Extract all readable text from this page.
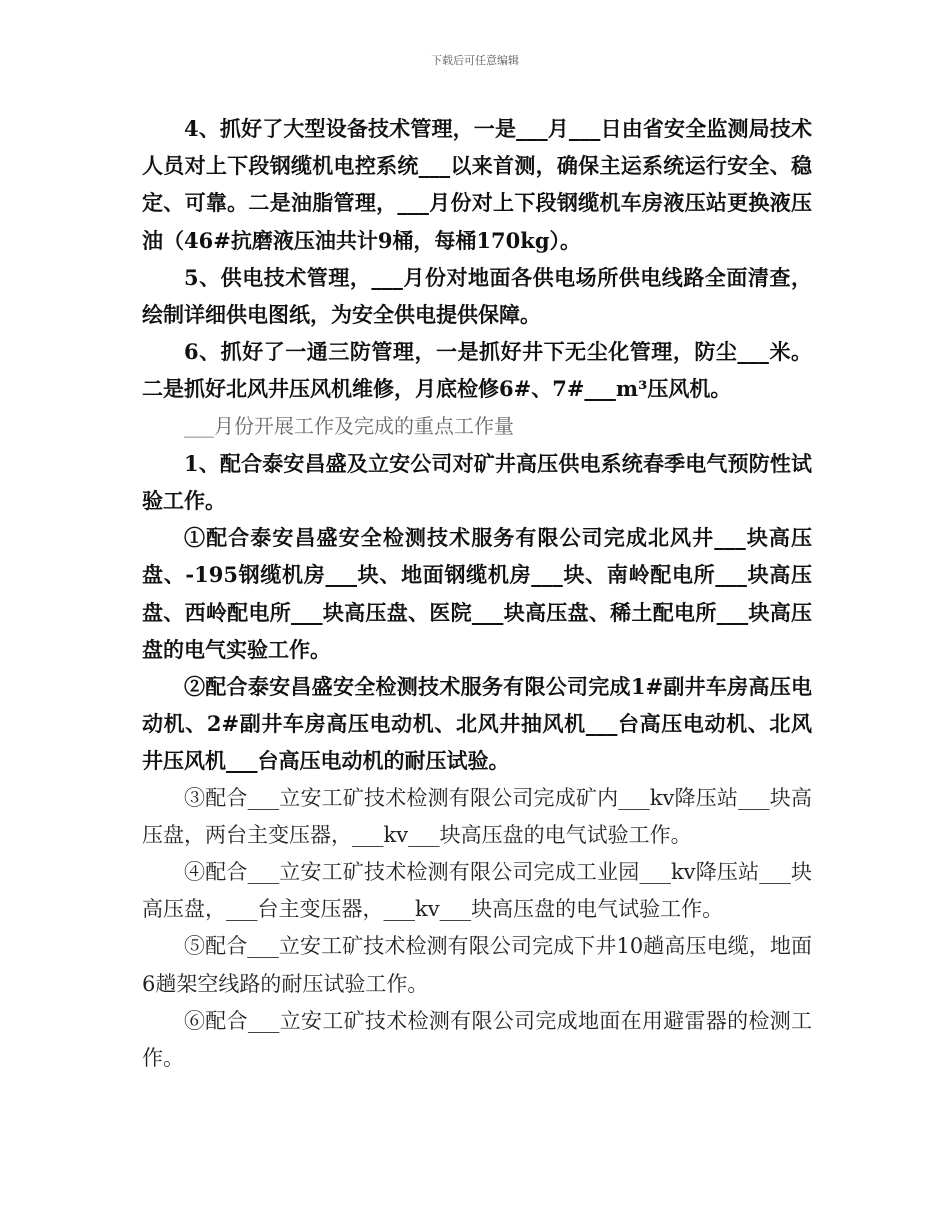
下载后可任意编辑

4、抓好了大型设备技术管理，一是___月___日由省安全监测局技术人员对上下段钢缆机电控系统___以来首测，确保主运系统运行安全、稳定、可靠。二是油脂管理，___月份对上下段钢缆机车房液压站更换液压油（46#抗磨液压油共计9桶，每桶170kg）。

5、供电技术管理，___月份对地面各供电场所供电线路全面清查，绘制详细供电图纸，为安全供电提供保障。

6、抓好了一通三防管理，一是抓好井下无尘化管理，防尘___米。二是抓好北风井压风机维修，月底检修6#、7#___m³压风机。

___月份开展工作及完成的重点工作量

1、配合泰安昌盛及立安公司对矿井高压供电系统春季电气预防性试验工作。

①配合泰安昌盛安全检测技术服务有限公司完成北风井___块高压盘、-195钢缆机房___块、地面钢缆机房___块、南岭配电所___块高压盘、西岭配电所___块高压盘、医院___块高压盘、稀土配电所___块高压盘的电气实验工作。

②配合泰安昌盛安全检测技术服务有限公司完成1#副井车房高压电动机、2#副井车房高压电动机、北风井抽风机___台高压电动机、北风井压风机___台高压电动机的耐压试验。

③配合___立安工矿技术检测有限公司完成矿内___kv降压站___块高压盘，两台主变压器，___kv___块高压盘的电气试验工作。

④配合___立安工矿技术检测有限公司完成工业园___kv降压站___块高压盘，___台主变压器，___kv___块高压盘的电气试验工作。

⑤配合___立安工矿技术检测有限公司完成下井10趟高压电缆，地面6趟架空线路的耐压试验工作。

⑥配合___立安工矿技术检测有限公司完成地面在用避雷器的检测工作。
